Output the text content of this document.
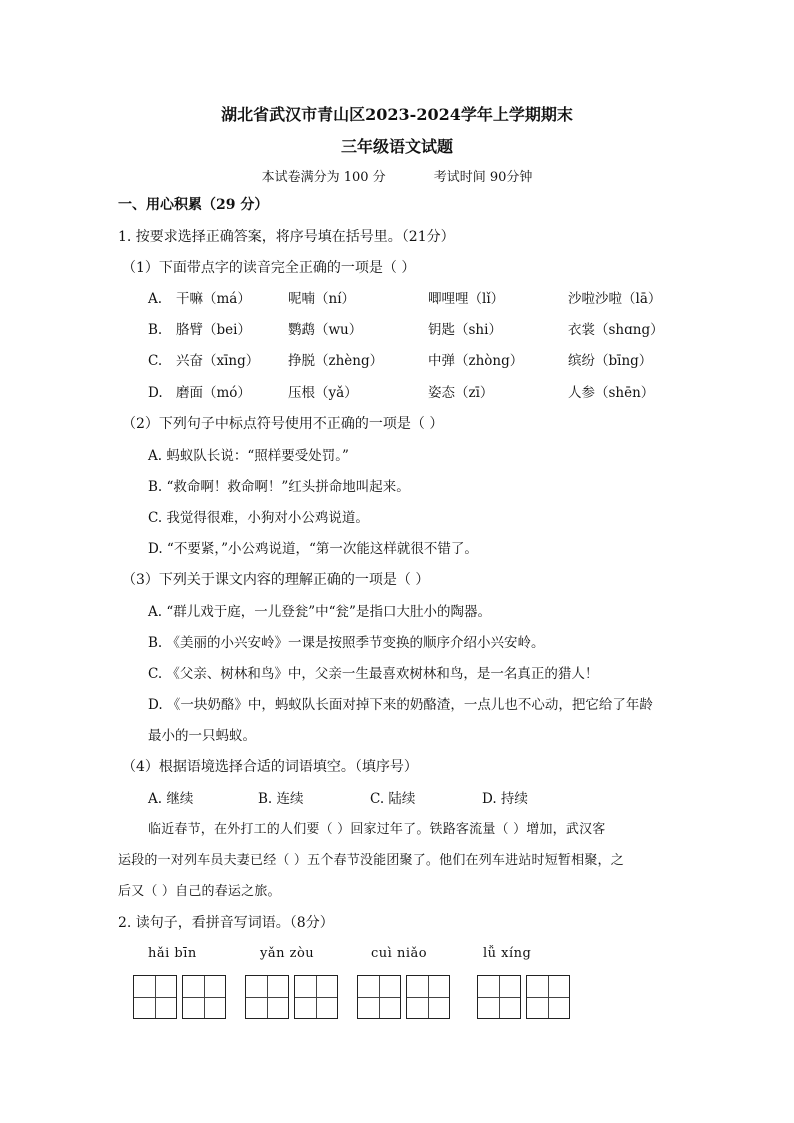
湖北省武汉市青山区2023-2024学年上学期期末
三年级语文试题
本试卷满分为 100 分	考试时间 90分钟
一、用心积累（29 分）
1. 按要求选择正确答案，将序号填在括号里。（21分）
（1）下面带点字的读音完全正确的一项是（ ）
A. 干嘛（má）	呢喃（ní）	唧哩哩（lǐ）	沙啦沙啦（lā）
B. 胳臂（bei）	鹦鹉（wu）	钥匙（shi）	衣裳（shɑng）
C. 兴奋（xīng） 挣脱（zhèng）	中弹（zhòng）	缤纷（bīng）
D. 磨面（mó）	压根（yǎ）	姿态（zī）	人参（shēn）
（2）下列句子中标点符号使用不正确的一项是（ ）
A. 蚂蚁队长说：“照样要受处罚。”
B. “救命啊！救命啊！”红头拼命地叫起来。
C. 我觉得很难，小狗对小公鸡说道。
D. “不要紧，”小公鸡说道，“第一次能这样就很不错了。
（3）下列关于课文内容的理解正确的一项是（ ）
A. “群儿戏于庭，一儿登瓮”中“瓮”是指口大肚小的陶器。
B. 《美丽的小兴安岭》一课是按照季节变换的顺序介绍小兴安岭。
C. 《父亲、树林和鸟》中，父亲一生最喜欢树林和鸟，是一名真正的猎人！
D. 《一块奶酪》中，蚂蚁队长面对掉下来的奶酪渣，一点儿也不心动，把它给了年龄
最小的一只蚂蚁。
（4）根据语境选择合适的词语填空。（填序号）
A. 继续	B. 连续	C. 陆续	D. 持续
临近春节，在外打工的人们要（ ）回家过年了。铁路客流量（ ）增加，武汉客
运段的一对列车员夫妻已经（ ）五个春节没能团聚了。他们在列车进站时短暂相聚，之
后又（ ）自己的春运之旅。
2. 读句子，看拼音写词语。（8分）
hǎi bīn	yǎn zòu	cuì niǎo	lǚ xíng
